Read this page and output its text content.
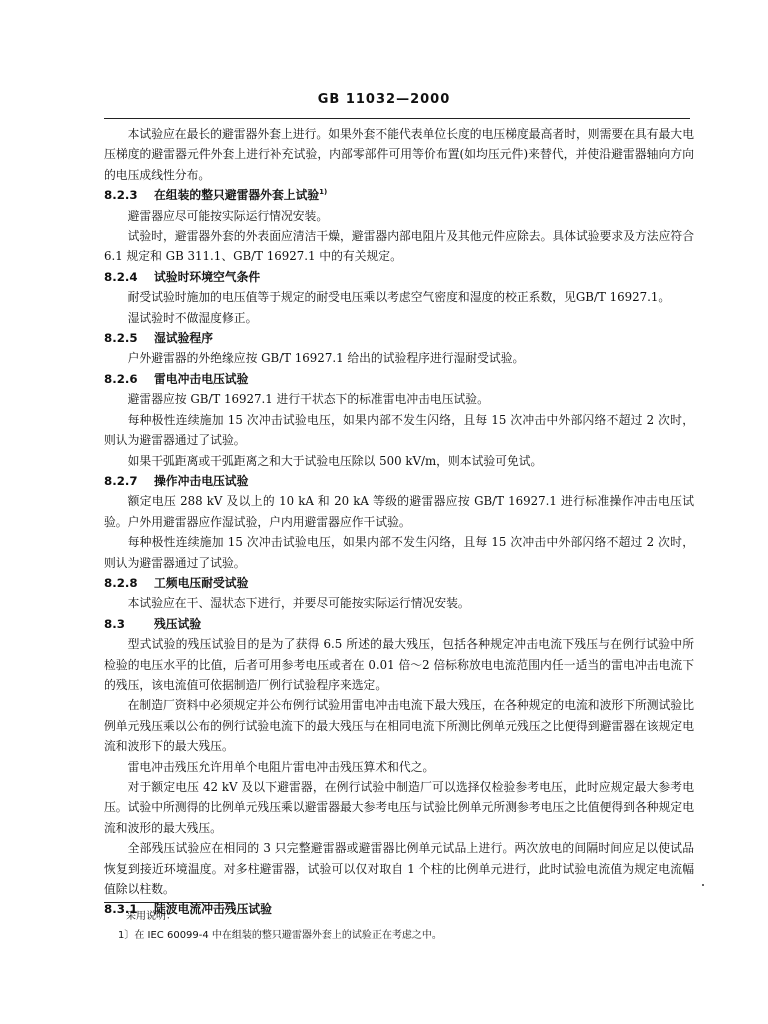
GB 11032—2000

本试验应在最长的避雷器外套上进行。如果外套不能代表单位长度的电压梯度最高者时，则需要在具有最大电压梯度的避雷器元件外套上进行补充试验，内部零部件可用等价布置(如均压元件)来替代，并使沿避雷器轴向方向的电压成线性分布。

8.2.3 在组装的整只避雷器外套上试验$^{1)}$

避雷器应尽可能按实际运行情况安装。

试验时，避雷器外套的外表面应清洁干燥，避雷器内部电阻片及其他元件应除去。具体试验要求及方法应符合 6.1 规定和 GB 311.1、GB/T 16927.1 中的有关规定。

8.2.4 试验时环境空气条件

耐受试验时施加的电压值等于规定的耐受电压乘以考虑空气密度和湿度的校正系数，见GB/T 16927.1。

湿试验时不做湿度修正。

8.2.5 湿试验程序

户外避雷器的外绝缘应按 GB/T 16927.1 给出的试验程序进行湿耐受试验。

8.2.6 雷电冲击电压试验

避雷器应按 GB/T 16927.1 进行干状态下的标准雷电冲击电压试验。

每种极性连续施加 15 次冲击试验电压，如果内部不发生闪络，且每 15 次冲击中外部闪络不超过 2 次时，则认为避雷器通过了试验。

如果干弧距离或干弧距离之和大于试验电压除以 500 kV/m，则本试验可免试。

8.2.7 操作冲击电压试验

额定电压 288 kV 及以上的 10 kA 和 20 kA 等级的避雷器应按 GB/T 16927.1 进行标准操作冲击电压试验。户外用避雷器应作湿试验，户内用避雷器应作干试验。

每种极性连续施加 15 次冲击试验电压，如果内部不发生闪络，且每 15 次冲击中外部闪络不超过 2 次时，则认为避雷器通过了试验。

8.2.8 工频电压耐受试验

本试验应在干、湿状态下进行，并要尽可能按实际运行情况安装。

8.3 残压试验

型式试验的残压试验目的是为了获得 6.5 所述的最大残压，包括各种规定冲击电流下残压与在例行试验中所检验的电压水平的比值，后者可用参考电压或者在 0.01 倍～2 倍标称放电电流范围内任一适当的雷电冲击电流下的残压，该电流值可依据制造厂例行试验程序来选定。

在制造厂资料中必须规定并公布例行试验用雷电冲击电流下最大残压，在各种规定的电流和波形下所测试验比例单元残压乘以公布的例行试验电流下的最大残压与在相同电流下所测比例单元残压之比便得到避雷器在该规定电流和波形下的最大残压。

雷电冲击残压允许用单个电阻片雷电冲击残压算术和代之。

对于额定电压 42 kV 及以下避雷器，在例行试验中制造厂可以选择仅检验参考电压，此时应规定最大参考电压。试验中所测得的比例单元残压乘以避雷器最大参考电压与试验比例单元所测参考电压之比值便得到各种规定电流和波形的最大残压。

全部残压试验应在相同的 3 只完整避雷器或避雷器比例单元试品上进行。两次放电的间隔时间应足以使试品恢复到接近环境温度。对多柱避雷器，试验可以仅对取自 1 个柱的比例单元进行，此时试验电流值为规定电流幅值除以柱数。

8.3.1 陡波电流冲击残压试验

采用说明：
1〕在 IEC 60099-4 中在组装的整只避雷器外套上的试验正在考虑之中。
